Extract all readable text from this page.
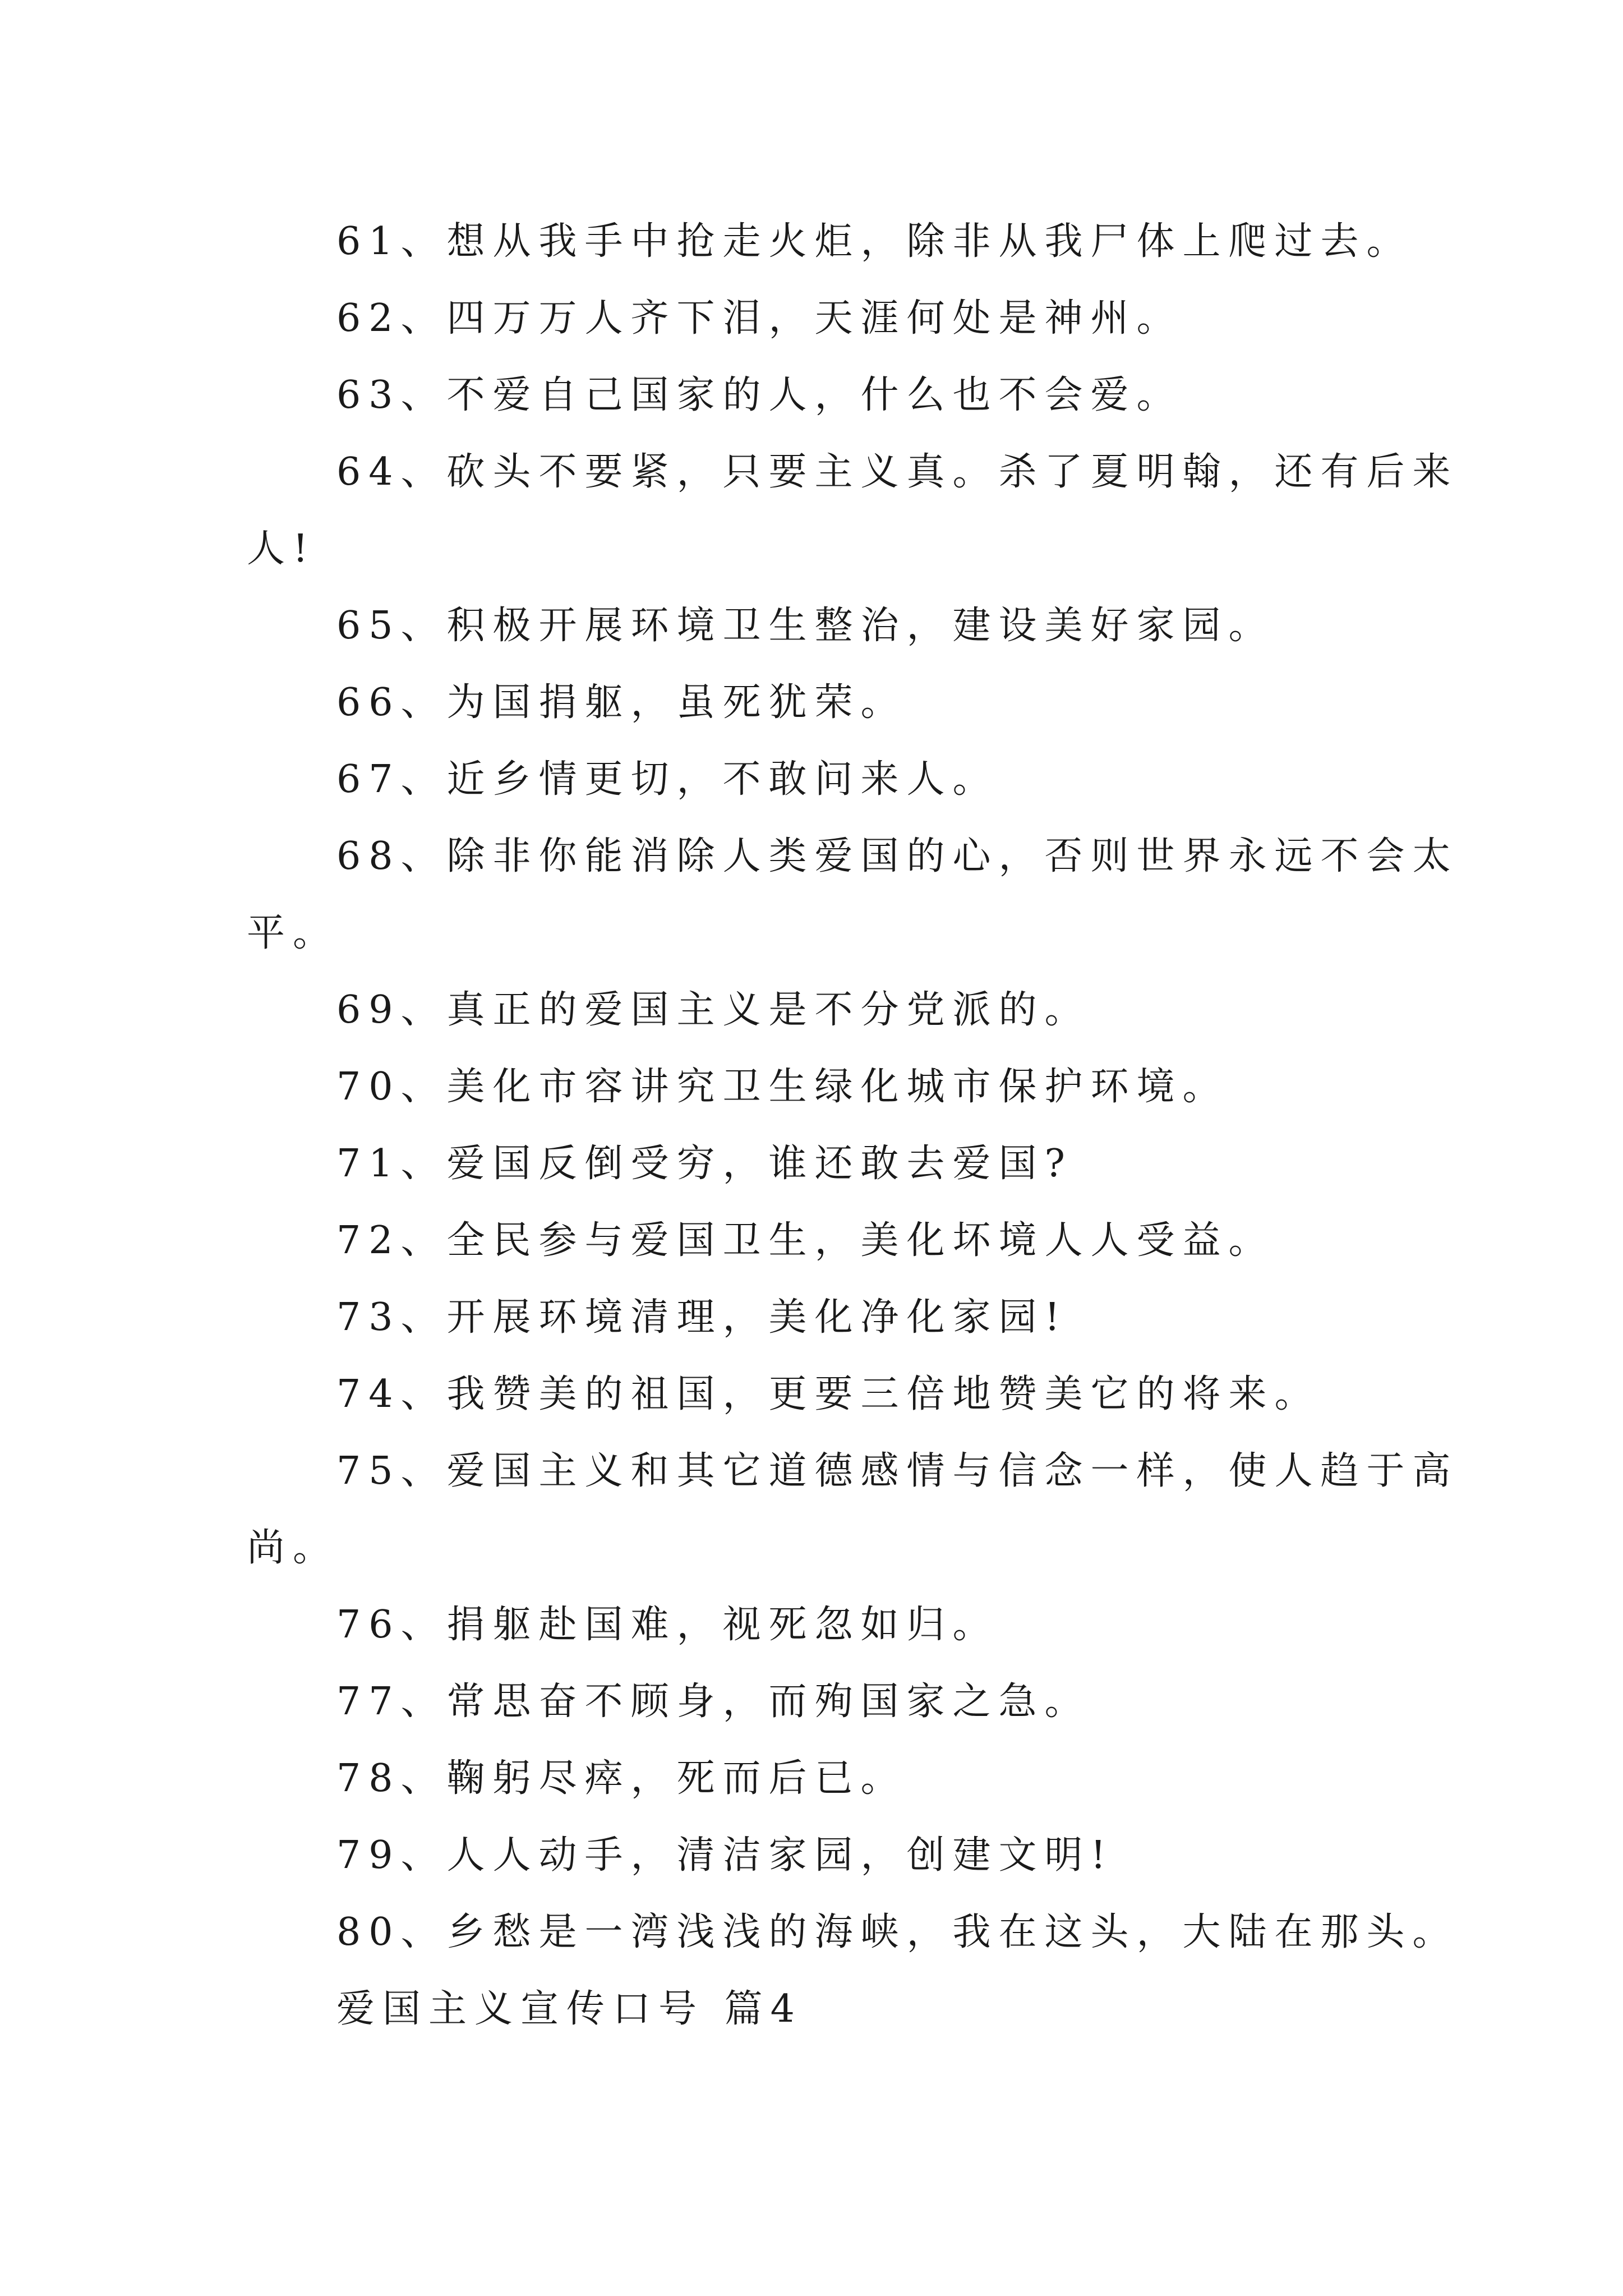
61、想从我手中抢走火炬，除非从我尸体上爬过去。
62、四万万人齐下泪，天涯何处是神州。
63、不爱自己国家的人，什么也不会爱。
64、砍头不要紧，只要主义真。杀了夏明翰，还有后来
人!
65、积极开展环境卫生整治，建设美好家园。
66、为国捐躯，虽死犹荣。
67、近乡情更切，不敢问来人。
68、除非你能消除人类爱国的心，否则世界永远不会太
平。
69、真正的爱国主义是不分党派的。
70、美化市容讲究卫生绿化城市保护环境。
71、爱国反倒受穷，谁还敢去爱国?
72、全民参与爱国卫生，美化坏境人人受益。
73、开展环境清理，美化净化家园!
74、我赞美的祖国，更要三倍地赞美它的将来。
75、爱国主义和其它道德感情与信念一样，使人趋于高
尚。
76、捐躯赴国难，视死忽如归。
77、常思奋不顾身，而殉国家之急。
78、鞠躬尽瘁，死而后已。
79、人人动手，清洁家园，创建文明!
80、乡愁是一湾浅浅的海峡，我在这头，大陆在那头。
爱国主义宣传口号 篇4
